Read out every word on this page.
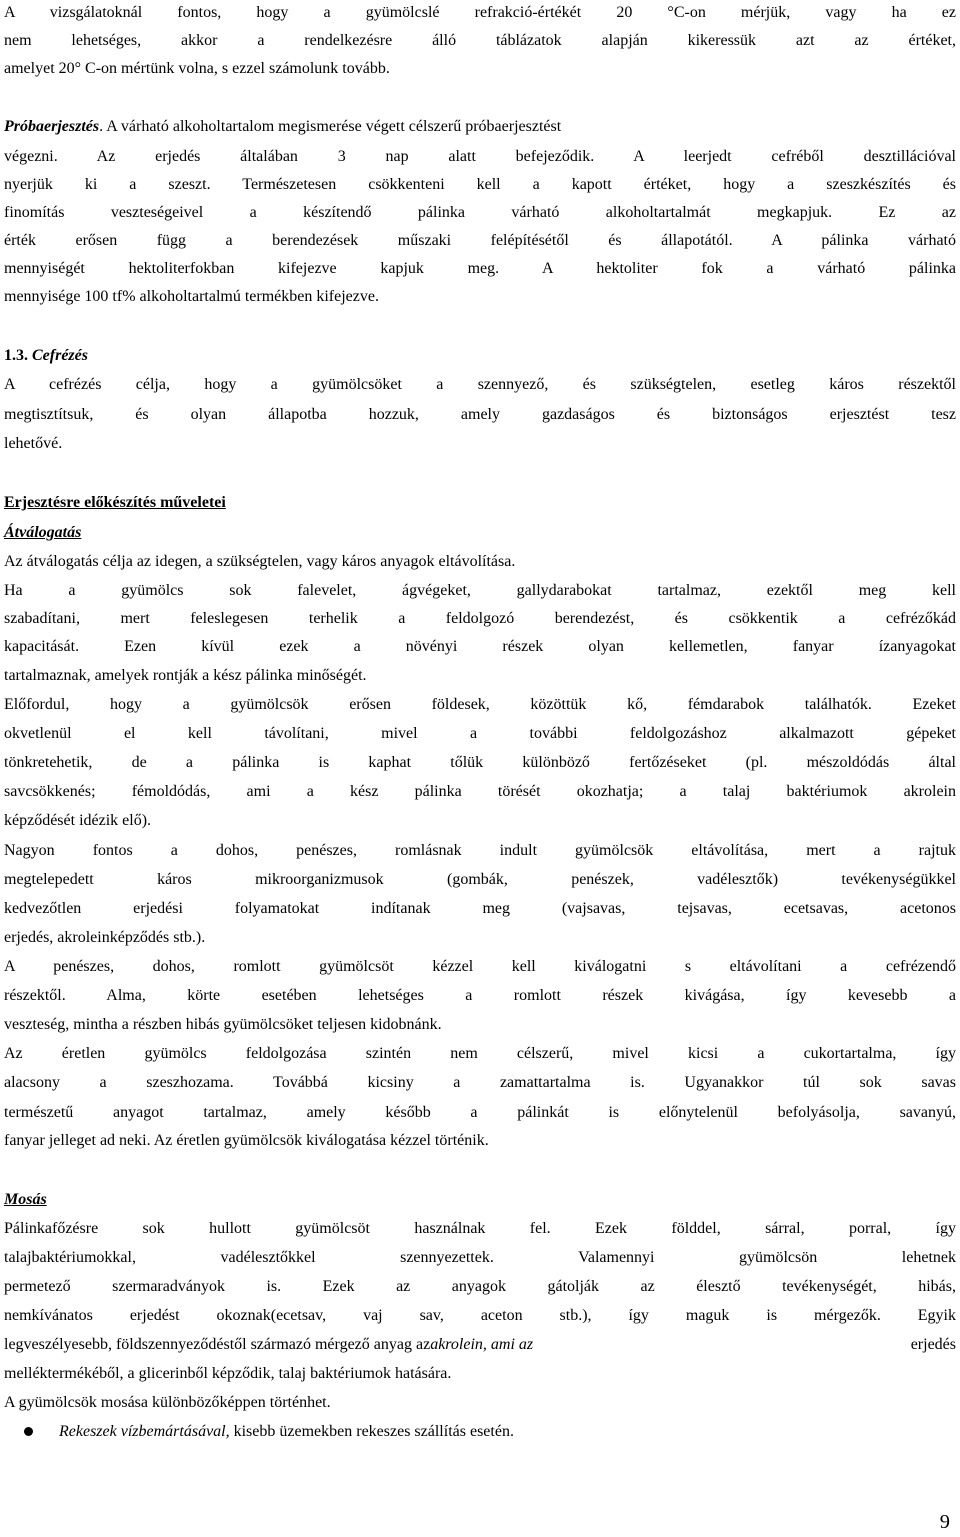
A vizsgálatoknál fontos, hogy a gyümölcslé refrakció-értékét 20 °C-on mérjük, vagy ha ez
nem lehetséges, akkor a rendelkezésre álló táblázatok alapján kikeressük azt az értéket,
amelyet 20° C-on mértünk volna, s ezzel számolunk tovább.
Próbaerjesztés. A várható alkoholtartalom megismerése végett célszerű próbaerjesztést
végezni. Az erjedés általában 3 nap alatt befejeződik. A leerjedt cefréből desztillációval
nyerjük ki a szeszt. Természetesen csökkenteni kell a kapott értéket, hogy a szeszkészítés és
finomítás veszteségeivel a készítendő pálinka várható alkoholtartalmát megkapjuk. Ez az
érték erősen függ a berendezések műszaki felépítésétől és állapotától. A pálinka várható
mennyiségét hektoliterfokban kifejezve kapjuk meg. A hektoliter fok a várható pálinka
mennyisége 100 tf% alkoholtartalmú termékben kifejezve.
1.3. Cefrézés
A cefrézés célja, hogy a gyümölcsöket a szennyező, és szükségtelen, esetleg káros részektől
megtisztítsuk, és olyan állapotba hozzuk, amely gazdaságos és biztonságos erjesztést tesz
lehetővé.
Erjesztésre előkészítés műveletei
Átválogatás
Az átválogatás célja az idegen, a szükségtelen, vagy káros anyagok eltávolítása.
Ha a gyümölcs sok falevelet, ágvégeket, gallydarabokat tartalmaz, ezektől meg kell
szabadítani, mert feleslegesen terhelik a feldolgozó berendezést, és csökkentik a cefrézőkád
kapacitását. Ezen kívül ezek a növényi részek olyan kellemetlen, fanyar ízanyagokat
tartalmaznak, amelyek rontják a kész pálinka minőségét.
Előfordul, hogy a gyümölcsök erősen földesek, közöttük kő, fémdarabok találhatók. Ezeket
okvetlenül el kell távolítani, mivel a további feldolgozáshoz alkalmazott gépeket
tönkretehetik, de a pálinka is kaphat tőlük különböző fertőzéseket (pl. mészoldódás által
savcsökkenés; fémoldódás, ami a kész pálinka törését okozhatja; a talaj baktériumok akrolein
képződését idézik elő).
Nagyon fontos a dohos, penészes, romlásnak indult gyümölcsök eltávolítása, mert a rajtuk
megtelepedett káros mikroorganizmusok (gombák, penészek, vadélesztők) tevékenységükkel
kedvezőtlen erjedési folyamatokat indítanak meg (vajsavas, tejsavas, ecetsavas, acetonos
erjedés, akroleinképződés stb.).
A penészes, dohos, romlott gyümölcsöt kézzel kell kiválogatni s eltávolítani a cefrézendő
részektől. Alma, körte esetében lehetséges a romlott részek kivágása, így kevesebb a
veszteség, mintha a részben hibás gyümölcsöket teljesen kidobnánk.
Az éretlen gyümölcs feldolgozása szintén nem célszerű, mivel kicsi a cukortartalma, így
alacsony a szeszhozama. Továbbá kicsiny a zamattartalma is. Ugyanakkor túl sok savas
természetű anyagot tartalmaz, amely később a pálinkát is előnytelenül befolyásolja, savanyú,
fanyar jelleget ad neki. Az éretlen gyümölcsök kiválogatása kézzel történik.
Mosás
Pálinkafőzésre sok hullott gyümölcsöt használnak fel. Ezek földdel, sárral, porral, így
talajbaktériumokkal, vadélesztőkkel szennyezettek. Valamennyi gyümölcsön lehetnek
permetező szermaradványok is. Ezek az anyagok gátolják az élesztő tevékenységét, hibás,
nemkívánatos erjedést okoznak(ecetsav, vaj sav, aceton stb.), így maguk is mérgezők. Egyik
legveszélyesebb, földszennyeződéstől származó mérgező anyag az akrolein, ami az	erjedés
melléktermékéből, a glicerinből képződik, talaj baktériumok hatására.
A gyümölcsök mosása különbözőképpen történhet.
Rekeszek vízbemártásával, kisebb üzemekben rekeszes szállítás esetén.
9
